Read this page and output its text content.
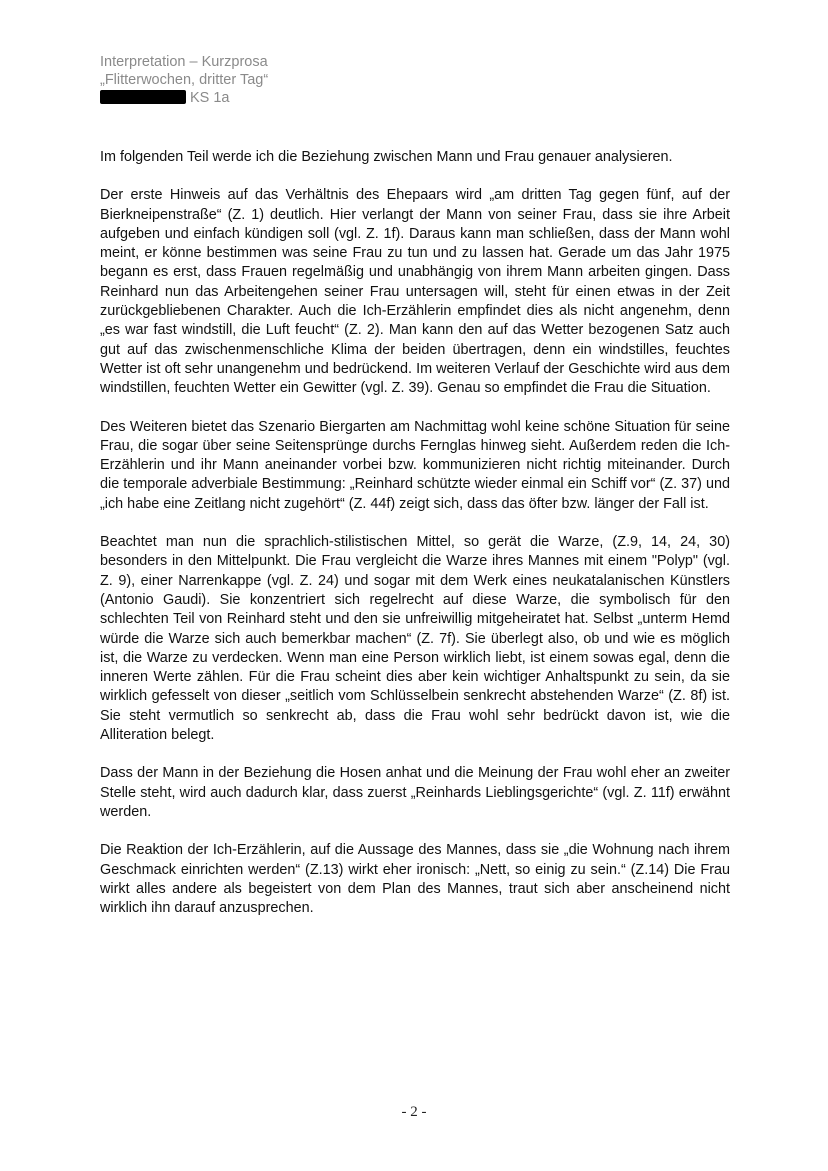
Interpretation – Kurzprosa
„Flitterwochen, dritter Tag“
KS 1a

Im folgenden Teil werde ich die Beziehung zwischen Mann und Frau genauer analysieren.

Der erste Hinweis auf das Verhältnis des Ehepaars wird „am dritten Tag gegen fünf, auf der Bierkneipenstraße“ (Z. 1) deutlich. Hier verlangt der Mann von seiner Frau, dass sie ihre Arbeit aufgeben und einfach kündigen soll (vgl. Z. 1f). Daraus kann man schließen, dass der Mann wohl meint, er könne bestimmen was seine Frau zu tun und zu lassen hat. Gerade um das Jahr 1975 begann es erst, dass Frauen regelmäßig und unabhängig von ihrem Mann arbeiten gingen. Dass Reinhard nun das Arbeitengehen seiner Frau untersagen will, steht für einen etwas in der Zeit zurückgebliebenen Charakter. Auch die Ich-Erzählerin empfindet dies als nicht angenehm, denn „es war fast windstill, die Luft feucht“ (Z. 2). Man kann den auf das Wetter bezogenen Satz auch gut auf das zwischenmenschliche Klima der beiden übertragen, denn ein windstilles, feuchtes Wetter ist oft sehr unangenehm und bedrückend. Im weiteren Verlauf der Geschichte wird aus dem windstillen, feuchten Wetter ein Gewitter (vgl. Z. 39). Genau so empfindet die Frau die Situation.

Des Weiteren bietet das Szenario Biergarten am Nachmittag wohl keine schöne Situation für seine Frau, die sogar über seine Seitensprünge durchs Fernglas hinweg sieht. Außerdem reden die Ich-Erzählerin und ihr Mann aneinander vorbei bzw. kommunizieren nicht richtig miteinander. Durch die temporale adverbiale Bestimmung: „Reinhard schützte wieder einmal ein Schiff vor“ (Z. 37) und „ich habe eine Zeitlang nicht zugehört“ (Z. 44f) zeigt sich, dass das öfter bzw. länger der Fall ist.

Beachtet man nun die sprachlich-stilistischen Mittel, so gerät die Warze, (Z.9, 14, 24, 30) besonders in den Mittelpunkt. Die Frau vergleicht die Warze ihres Mannes mit einem "Polyp" (vgl. Z. 9), einer Narrenkappe (vgl. Z. 24) und sogar mit dem Werk eines neukatalanischen Künstlers (Antonio Gaudi). Sie konzentriert sich regelrecht auf diese Warze, die symbolisch für den schlechten Teil von Reinhard steht und den sie unfreiwillig mitgeheiratet hat. Selbst „unterm Hemd würde die Warze sich auch bemerkbar machen“ (Z. 7f). Sie überlegt also, ob und wie es möglich ist, die Warze zu verdecken. Wenn man eine Person wirklich liebt, ist einem sowas egal, denn die inneren Werte zählen. Für die Frau scheint dies aber kein wichtiger Anhaltspunkt zu sein, da sie wirklich gefesselt von dieser „seitlich vom Schlüsselbein senkrecht abstehenden Warze“ (Z. 8f) ist. Sie steht vermutlich so senkrecht ab, dass die Frau wohl sehr bedrückt davon ist, wie die Alliteration belegt.

Dass der Mann in der Beziehung die Hosen anhat und die Meinung der Frau wohl eher an zweiter Stelle steht, wird auch dadurch klar, dass zuerst „Reinhards Lieblingsgerichte“ (vgl. Z. 11f) erwähnt werden.

Die Reaktion der Ich-Erzählerin, auf die Aussage des Mannes, dass sie „die Wohnung nach ihrem Geschmack einrichten werden“ (Z.13) wirkt eher ironisch: „Nett, so einig zu sein.“ (Z.14) Die Frau wirkt alles andere als begeistert von dem Plan des Mannes, traut sich aber anscheinend nicht wirklich ihn darauf anzusprechen.

- 2 -
